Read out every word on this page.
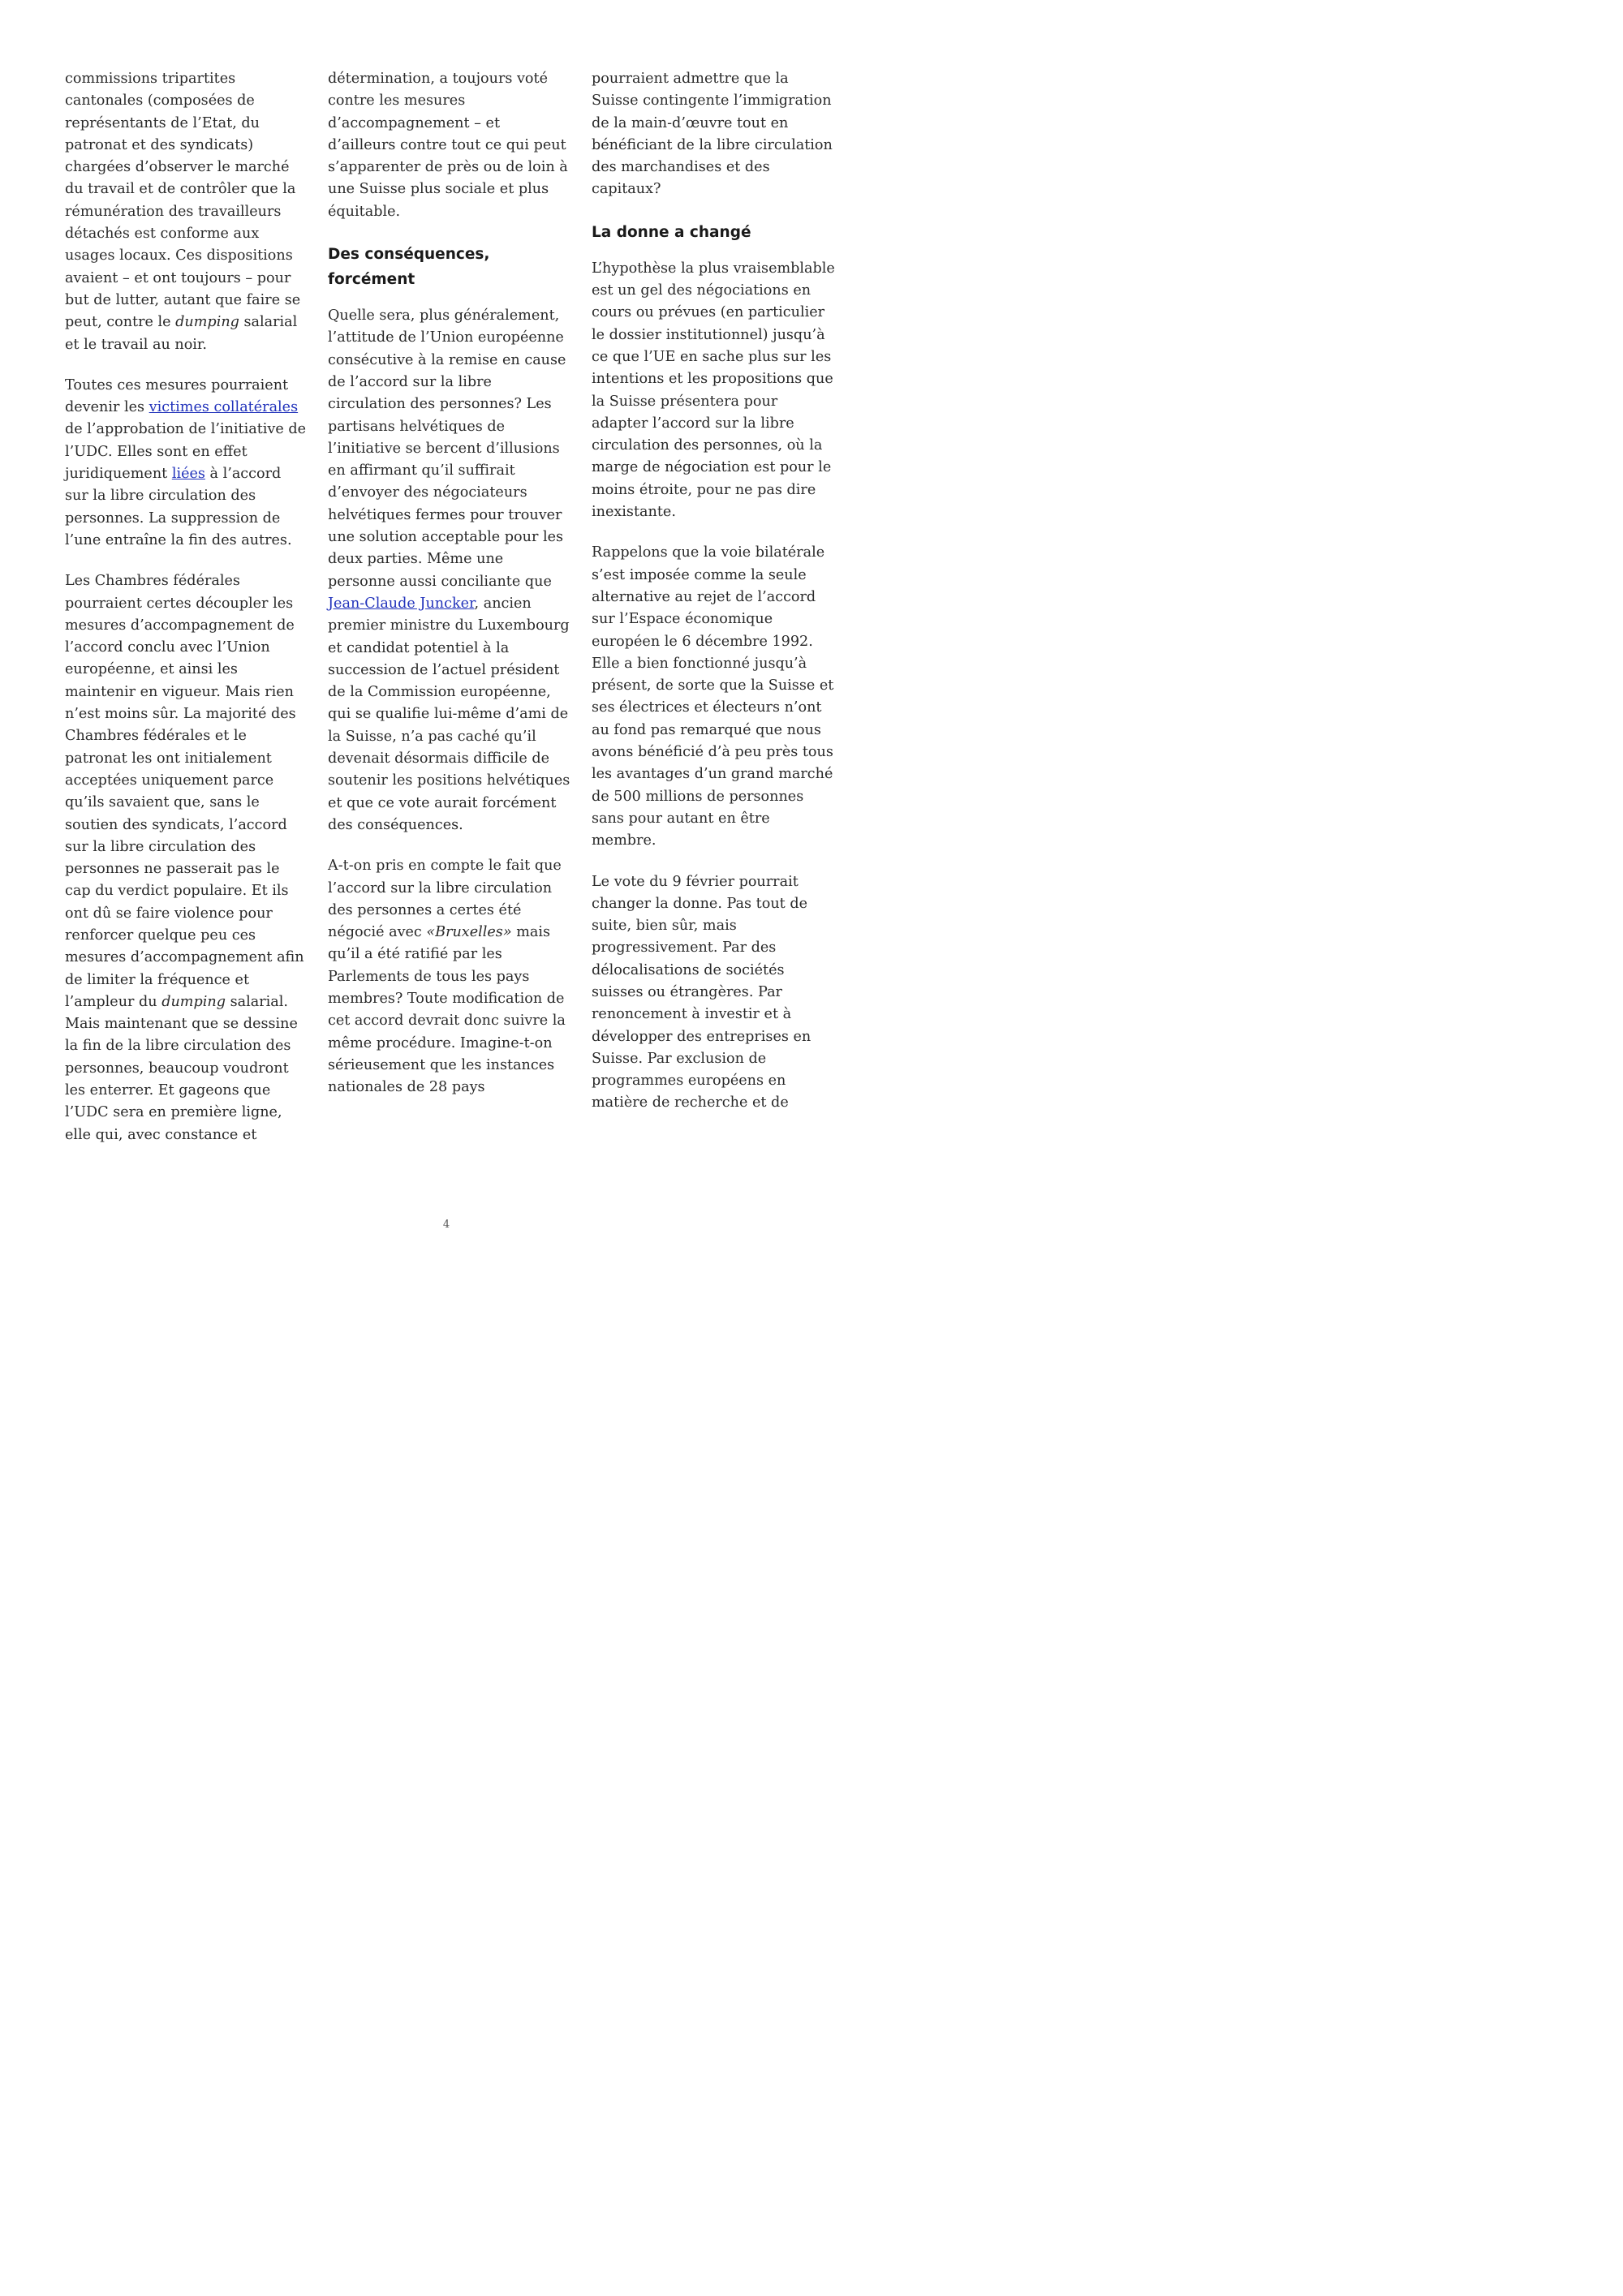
commissions tripartites cantonales (composées de représentants de l’Etat, du patronat et des syndicats) chargées d’observer le marché du travail et de contrôler que la rémunération des travailleurs détachés est conforme aux usages locaux. Ces dispositions avaient – et ont toujours – pour but de lutter, autant que faire se peut, contre le dumping salarial et le travail au noir.

Toutes ces mesures pourraient devenir les victimes collatérales de l’approbation de l’initiative de l’UDC. Elles sont en effet juridiquement liées à l’accord sur la libre circulation des personnes. La suppression de l’une entraîne la fin des autres.

Les Chambres fédérales pourraient certes découpler les mesures d’accompagnement de l’accord conclu avec l’Union européenne, et ainsi les maintenir en vigueur. Mais rien n’est moins sûr. La majorité des Chambres fédérales et le patronat les ont initialement acceptées uniquement parce qu’ils savaient que, sans le soutien des syndicats, l’accord sur la libre circulation des personnes ne passerait pas le cap du verdict populaire. Et ils ont dû se faire violence pour renforcer quelque peu ces mesures d’accompagnement afin de limiter la fréquence et l’ampleur du dumping salarial. Mais maintenant que se dessine la fin de la libre circulation des personnes, beaucoup voudront les enterrer. Et gageons que l’UDC sera en première ligne, elle qui, avec constance et

détermination, a toujours voté contre les mesures d’accompagnement – et d’ailleurs contre tout ce qui peut s’apparenter de près ou de loin à une Suisse plus sociale et plus équitable.

Des conséquences, forcément

Quelle sera, plus généralement, l’attitude de l’Union européenne consécutive à la remise en cause de l’accord sur la libre circulation des personnes? Les partisans helvétiques de l’initiative se bercent d’illusions en affirmant qu’il suffirait d’envoyer des négociateurs helvétiques fermes pour trouver une solution acceptable pour les deux parties. Même une personne aussi conciliante que Jean-Claude Juncker, ancien premier ministre du Luxembourg et candidat potentiel à la succession de l’actuel président de la Commission européenne, qui se qualifie lui-même d’ami de la Suisse, n’a pas caché qu’il devenait désormais difficile de soutenir les positions helvétiques et que ce vote aurait forcément des conséquences.

A-t-on pris en compte le fait que l’accord sur la libre circulation des personnes a certes été négocié avec «Bruxelles» mais qu’il a été ratifié par les Parlements de tous les pays membres? Toute modification de cet accord devrait donc suivre la même procédure. Imagine-t-on sérieusement que les instances nationales de 28 pays

pourraient admettre que la Suisse contingente l’immigration de la main-d’œuvre tout en bénéficiant de la libre circulation des marchandises et des capitaux?

La donne a changé

L’hypothèse la plus vraisemblable est un gel des négociations en cours ou prévues (en particulier le dossier institutionnel) jusqu’à ce que l’UE en sache plus sur les intentions et les propositions que la Suisse présentera pour adapter l’accord sur la libre circulation des personnes, où la marge de négociation est pour le moins étroite, pour ne pas dire inexistante.

Rappelons que la voie bilatérale s’est imposée comme la seule alternative au rejet de l’accord sur l’Espace économique européen le 6 décembre 1992. Elle a bien fonctionné jusqu’à présent, de sorte que la Suisse et ses électrices et électeurs n’ont au fond pas remarqué que nous avons bénéficié d’à peu près tous les avantages d’un grand marché de 500 millions de personnes sans pour autant en être membre.

Le vote du 9 février pourrait changer la donne. Pas tout de suite, bien sûr, mais progressivement. Par des délocalisations de sociétés suisses ou étrangères. Par renoncement à investir et à développer des entreprises en Suisse. Par exclusion de programmes européens en matière de recherche et de

4
